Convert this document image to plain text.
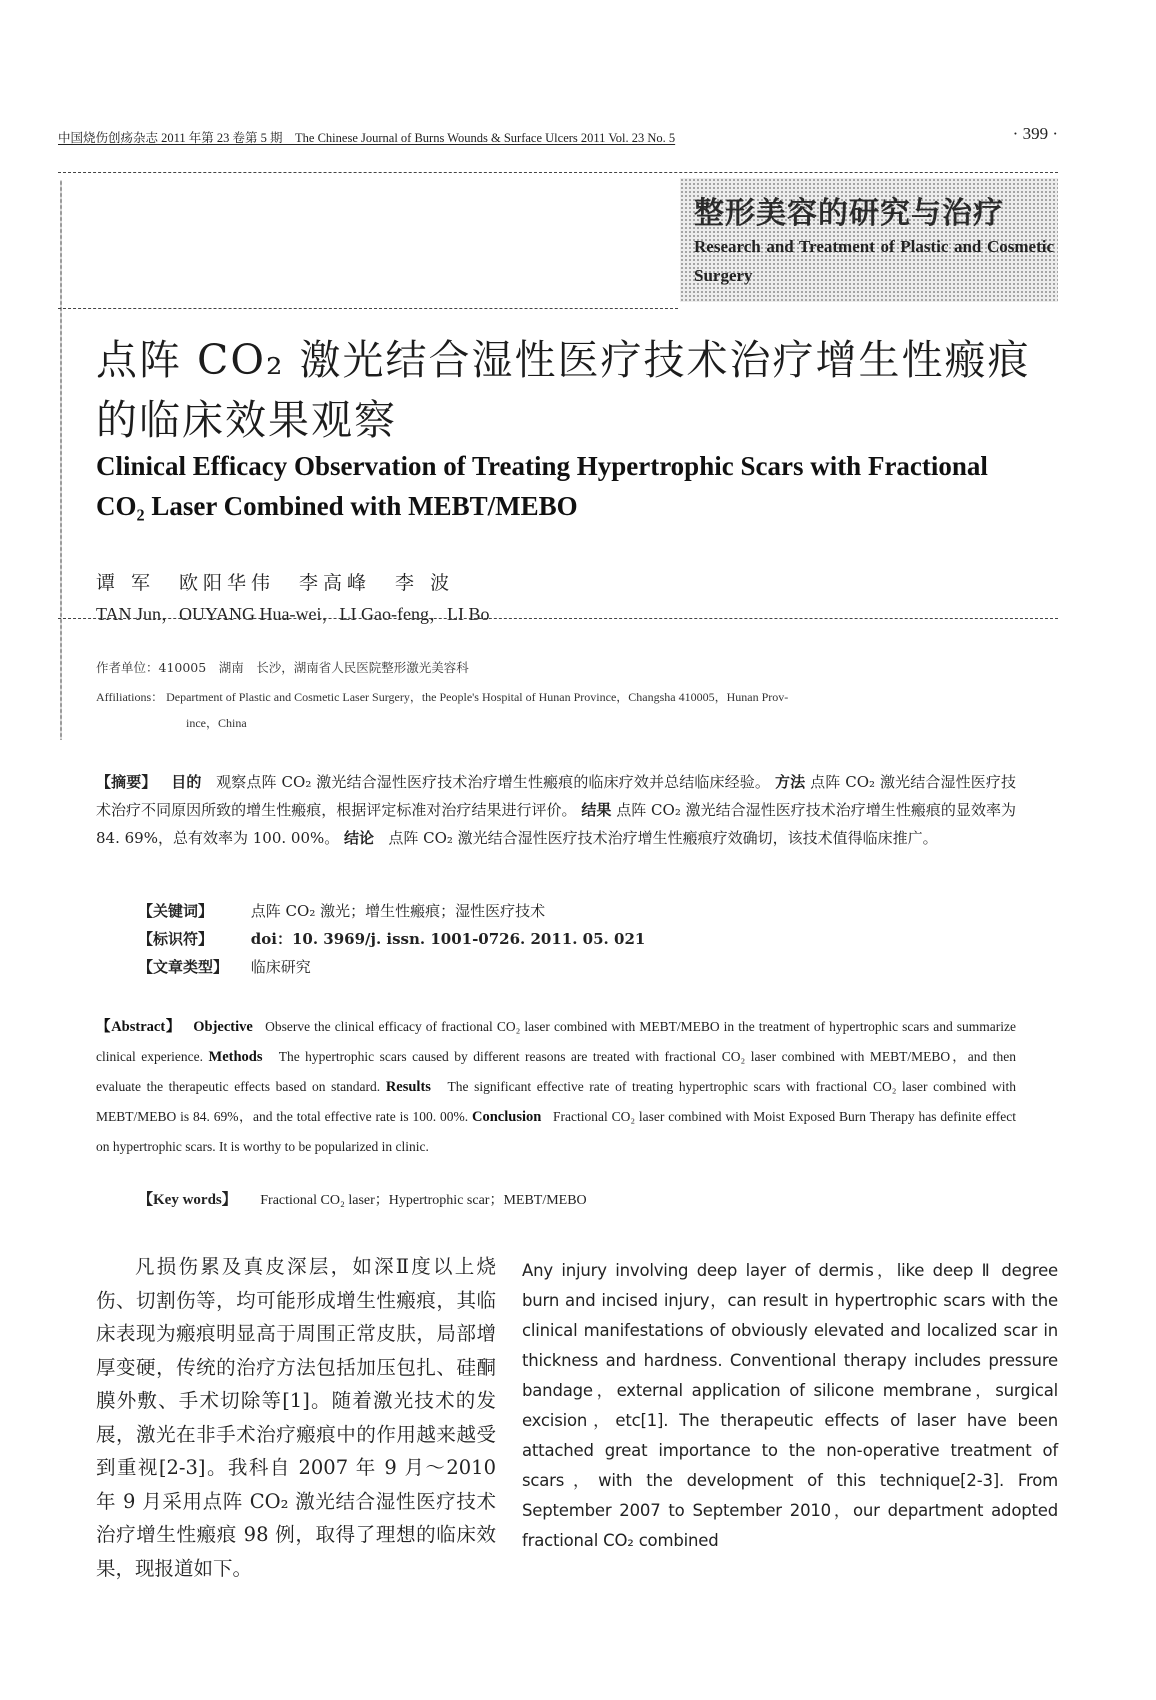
中国烧伤创疡杂志 2011 年第 23 卷第 5 期　The Chinese Journal of Burns Wounds & Surface Ulcers 2011 Vol. 23 No. 5	· 399 ·
整形美容的研究与治疗
Research and Treatment of Plastic and Cosmetic Surgery
点阵 CO₂ 激光结合湿性医疗技术治疗增生性瘢痕的临床效果观察
Clinical Efficacy Observation of Treating Hypertrophic Scars with Fractional CO₂ Laser Combined with MEBT/MEBO
谭 军　欧阳华伟　李高峰　李 波
TAN Jun，OUYANG Hua-wei，LI Gao-feng，LI Bo
作者单位：410005　湖南　长沙，湖南省人民医院整形激光美容科
Affiliations： Department of Plastic and Cosmetic Laser Surgery，the People's Hospital of Hunan Province，Changsha 410005，Hunan Prov-
ince，China
【摘要】 目的 观察点阵 CO₂ 激光结合湿性医疗技术治疗增生性瘢痕的临床疗效并总结临床经验。 方法 点阵 CO₂ 激光结合湿性医疗技术治疗不同原因所致的增生性瘢痕，根据评定标准对治疗结果进行评价。 结果 点阵 CO₂ 激光结合湿性医疗技术治疗增生性瘢痕的显效率为 84. 69%，总有效率为 100. 00%。 结论 点阵 CO₂ 激光结合湿性医疗技术治疗增生性瘢痕疗效确切，该技术值得临床推广。
【关键词】	点阵 CO₂ 激光；增生性瘢痕；湿性医疗技术
【标识符】	doi：10. 3969/j. issn. 1001-0726. 2011. 05. 021
【文章类型】 临床研究
【Abstract】 Objective Observe the clinical efficacy of fractional CO₂ laser combined with MEBT/MEBO in the treatment of hypertrophic scars and summarize clinical experience. Methods The hypertrophic scars caused by different reasons are treated with fractional CO₂ laser combined with MEBT/MEBO，and then evaluate the therapeutic effects based on standard. Results The significant effective rate of treating hypertrophic scars with fractional CO₂ laser combined with MEBT/MEBO is 84. 69%，and the total effective rate is 100. 00%. Conclusion Fractional CO₂ laser combined with Moist Exposed Burn Therapy has definite effect on hypertrophic scars. It is worthy to be popularized in clinic.
【Key words】 Fractional CO₂ laser；Hypertrophic scar；MEBT/MEBO
凡损伤累及真皮深层，如深Ⅱ度以上烧伤、切割伤等，均可能形成增生性瘢痕，其临床表现为瘢痕明显高于周围正常皮肤，局部增厚变硬，传统的治疗方法包括加压包扎、硅酮膜外敷、手术切除等[1]。随着激光技术的发展，激光在非手术治疗瘢痕中的作用越来越受到重视[2-3]。我科自 2007 年 9 月～2010 年 9 月采用点阵 CO₂ 激光结合湿性医疗技术治疗增生性瘢痕 98 例，取得了理想的临床效果，现报道如下。
Any injury involving deep layer of dermis，like deep Ⅱ degree burn and incised injury，can result in hypertrophic scars with the clinical manifestations of obviously elevated and localized scar in thickness and hardness. Conventional therapy includes pressure bandage，external application of silicone membrane，surgical excision，etc[1]. The therapeutic effects of laser have been attached great importance to the non-operative treatment of scars，with the development of this technique[2-3]. From September 2007 to September 2010，our department adopted fractional CO₂ combined
